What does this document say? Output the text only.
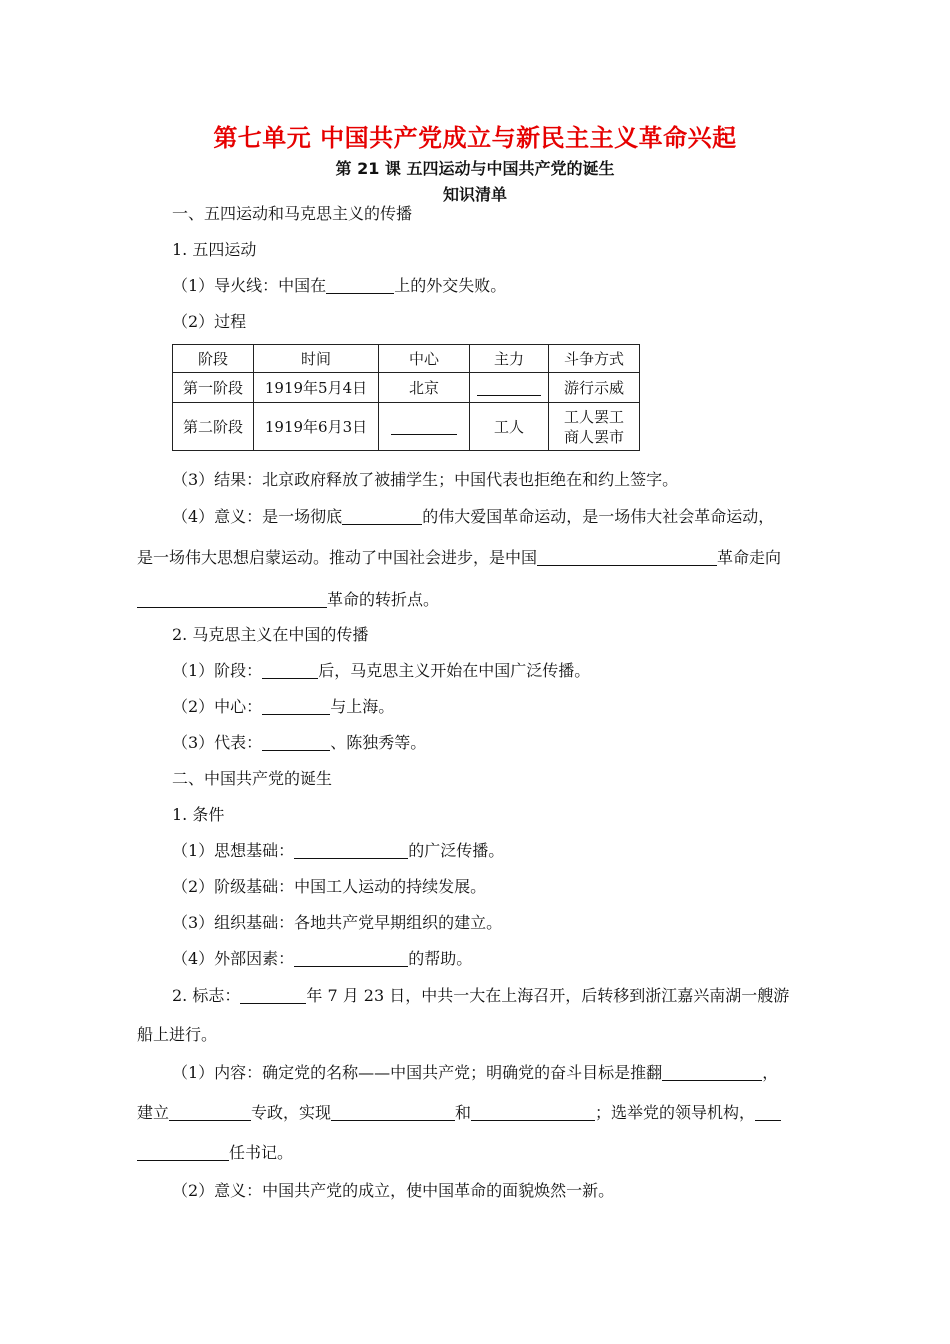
第七单元 中国共产党成立与新民主主义革命兴起
第 21 课 五四运动与中国共产党的诞生
知识清单
一、五四运动和马克思主义的传播
1. 五四运动
（1）导火线：中国在	上的外交失败。
（2）过程
阶段	时间	中心	主力	斗争方式
第一阶段	1919年5月4日	北京		游行示威
第二阶段	1919年6月3日		工人	工人罢工
商人罢市
（3）结果：北京政府释放了被捕学生；中国代表也拒绝在和约上签字。
（4）意义：是一场彻底	的伟大爱国革命运动，是一场伟大社会革命运动，
是一场伟大思想启蒙运动。推动了中国社会进步，是中国	革命走向
革命的转折点。
2. 马克思主义在中国的传播
（1）阶段：	后，马克思主义开始在中国广泛传播。
（2）中心：	与上海。
（3）代表：	、陈独秀等。
二、中国共产党的诞生
1. 条件
（1）思想基础：	的广泛传播。
（2）阶级基础：中国工人运动的持续发展。
（3）组织基础：各地共产党早期组织的建立。
（4）外部因素：	的帮助。
2. 标志：	年 7 月 23 日，中共一大在上海召开，后转移到浙江嘉兴南湖一艘游
船上进行。
（1）内容：确定党的名称——中国共产党；明确党的奋斗目标是推翻	，
建立	专政，实现	和	；选举党的领导机构，
任书记。
（2）意义：中国共产党的成立，使中国革命的面貌焕然一新。
